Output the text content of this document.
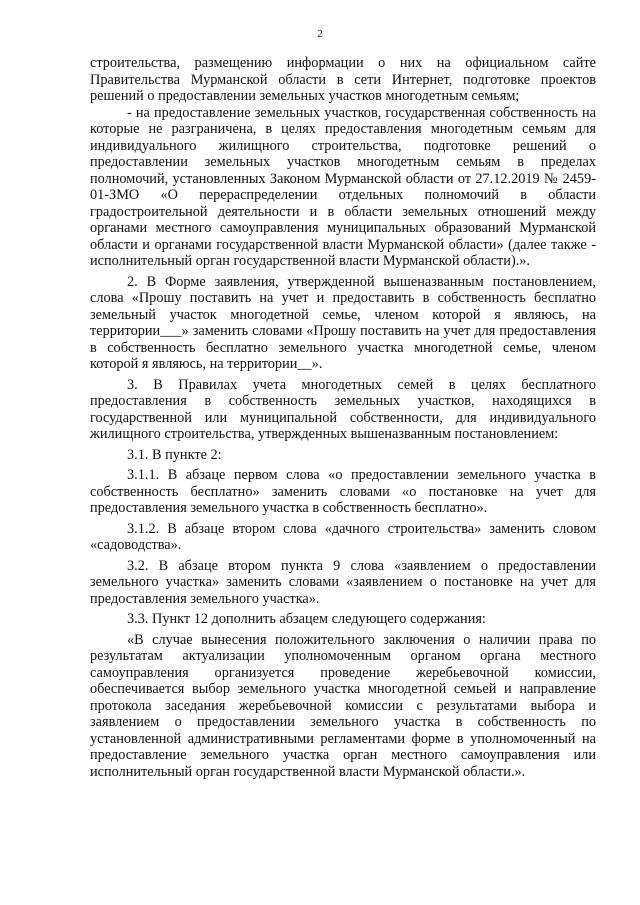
2

строительства, размещению информации о них на официальном сайте Правительства Мурманской области в сети Интернет, подготовке проектов решений о предоставлении земельных участков многодетным семьям;

- на предоставление земельных участков, государственная собственность на которые не разграничена, в целях предоставления многодетным семьям для индивидуального жилищного строительства, подготовке решений о предоставлении земельных участков многодетным семьям в пределах полномочий, установленных Законом Мурманской области от 27.12.2019 № 2459-01-ЗМО «О перераспределении отдельных полномочий в области градостроительной деятельности и в области земельных отношений между органами местного самоуправления муниципальных образований Мурманской области и органами государственной власти Мурманской области» (далее также - исполнительный орган государственной власти Мурманской области).».

2. В Форме заявления, утвержденной вышеназванным постановлением, слова «Прошу поставить на учет и предоставить в собственность бесплатно земельный участок многодетной семье, членом которой я являюсь, на территории___» заменить словами «Прошу поставить на учет для предоставления в собственность бесплатно земельного участка многодетной семье, членом которой я являюсь, на территории__».

3. В Правилах учета многодетных семей в целях бесплатного предоставления в собственность земельных участков, находящихся в государственной или муниципальной собственности, для индивидуального жилищного строительства, утвержденных вышеназванным постановлением:

3.1. В пункте 2:

3.1.1. В абзаце первом слова «о предоставлении земельного участка в собственность бесплатно» заменить словами «о постановке на учет для предоставления земельного участка в собственность бесплатно».

3.1.2. В абзаце втором слова «дачного строительства» заменить словом «садоводства».

3.2. В абзаце втором пункта 9 слова «заявлением о предоставлении земельного участка» заменить словами «заявлением о постановке на учет для предоставления земельного участка».

3.3. Пункт 12 дополнить абзацем следующего содержания:

«В случае вынесения положительного заключения о наличии права по результатам актуализации уполномоченным органом органа местного самоуправления организуется проведение жеребьевочной комиссии, обеспечивается выбор земельного участка многодетной семьей и направление протокола заседания жеребьевочной комиссии с результатами выбора и заявлением о предоставлении земельного участка в собственность по установленной административными регламентами форме в уполномоченный на предоставление земельного участка орган местного самоуправления или исполнительный орган государственной власти Мурманской области.».
